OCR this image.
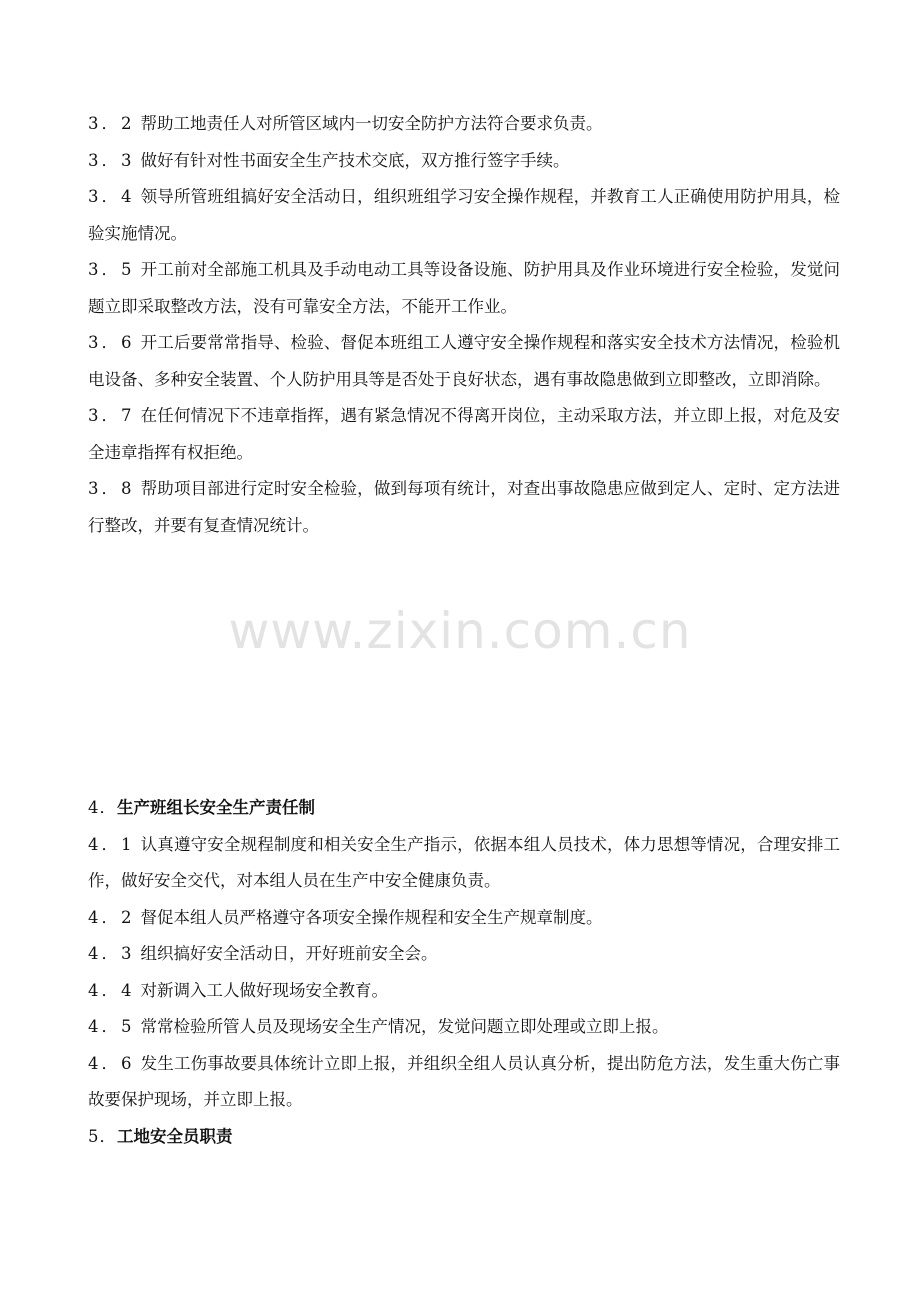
3．2 帮助工地责任人对所管区域内一切安全防护方法符合要求负责。

3．3 做好有针对性书面安全生产技术交底，双方推行签字手续。

3．4 领导所管班组搞好安全活动日，组织班组学习安全操作规程，并教育工人正确使用防护用具，检验实施情况。

3．5 开工前对全部施工机具及手动电动工具等设备设施、防护用具及作业环境进行安全检验，发觉问题立即采取整改方法，没有可靠安全方法，不能开工作业。

3．6 开工后要常常指导、检验、督促本班组工人遵守安全操作规程和落实安全技术方法情况，检验机电设备、多种安全装置、个人防护用具等是否处于良好状态，遇有事故隐患做到立即整改，立即消除。

3．7 在任何情况下不违章指挥，遇有紧急情况不得离开岗位，主动采取方法，并立即上报，对危及安全违章指挥有权拒绝。

3．8 帮助项目部进行定时安全检验，做到每项有统计，对查出事故隐患应做到定人、定时、定方法进行整改，并要有复查情况统计。

www.zixin.com.cn

4．生产班组长安全生产责任制

4．1 认真遵守安全规程制度和相关安全生产指示，依据本组人员技术，体力思想等情况，合理安排工作，做好安全交代，对本组人员在生产中安全健康负责。

4．2 督促本组人员严格遵守各项安全操作规程和安全生产规章制度。

4．3 组织搞好安全活动日，开好班前安全会。

4．4 对新调入工人做好现场安全教育。

4．5 常常检验所管人员及现场安全生产情况，发觉问题立即处理或立即上报。

4．6 发生工伤事故要具体统计立即上报，并组织全组人员认真分析，提出防危方法，发生重大伤亡事故要保护现场，并立即上报。

5．工地安全员职责
